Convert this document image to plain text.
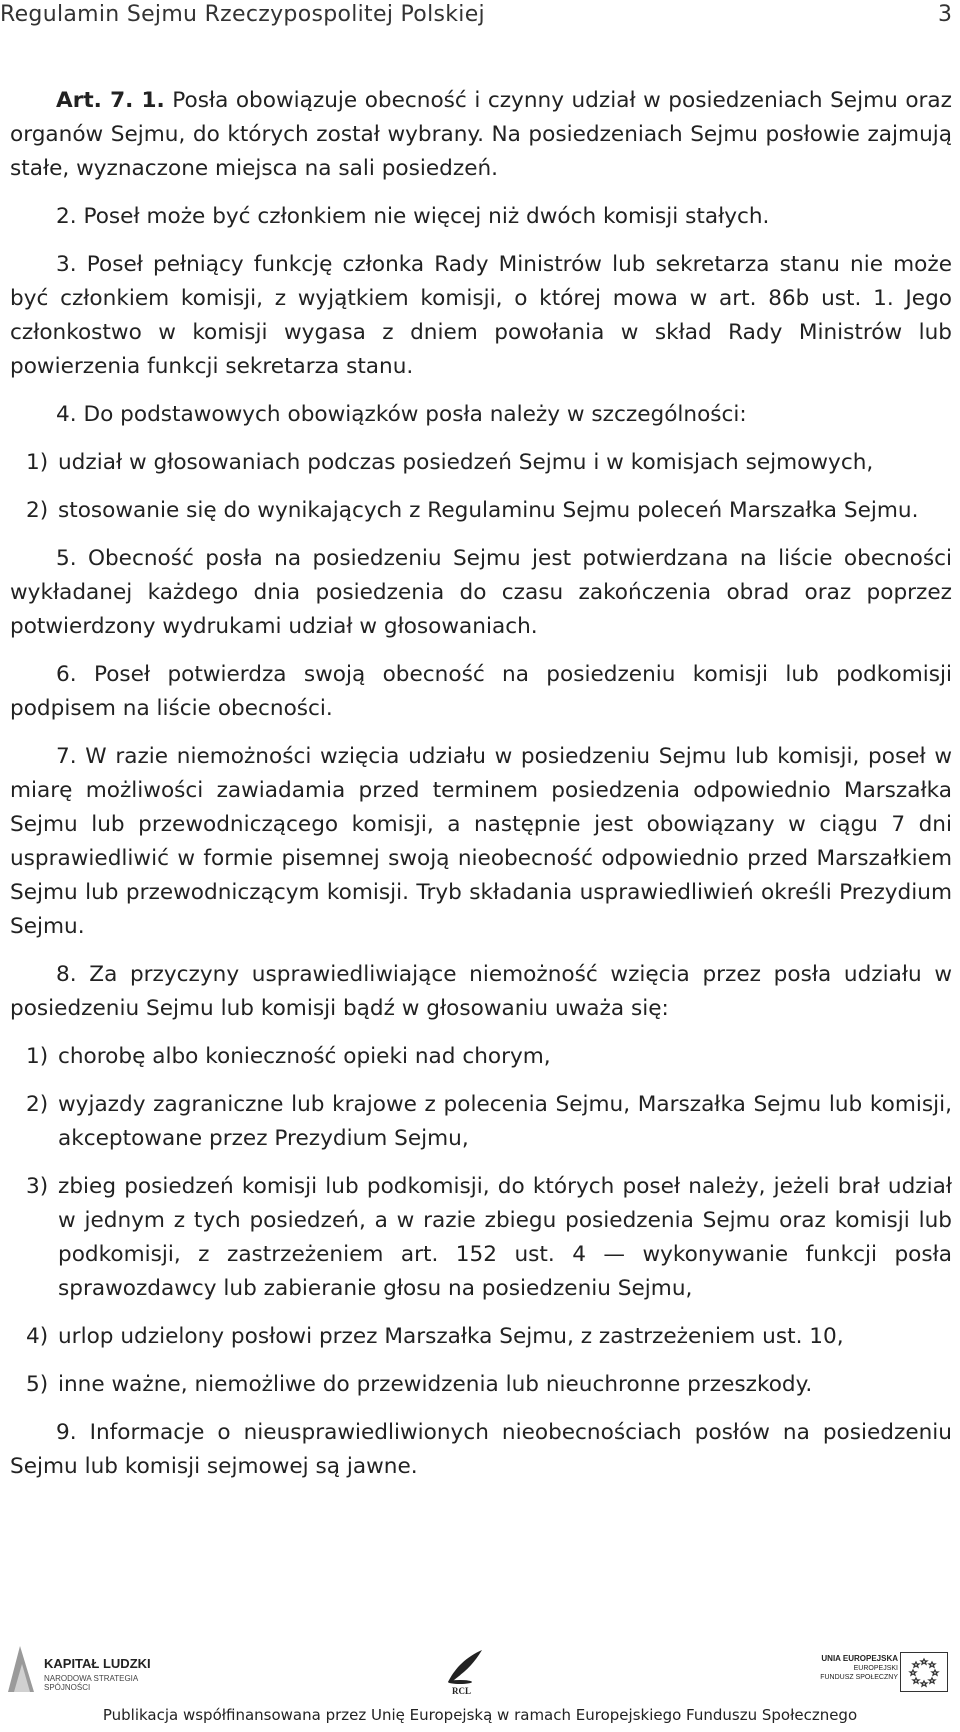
Regulamin Sejmu Rzeczypospolitej Polskiej	3

Art. 7. 1. Posła obowiązuje obecność i czynny udział w posiedzeniach Sejmu oraz organów Sejmu, do których został wybrany. Na posiedzeniach Sejmu posłowie zajmują stałe, wyznaczone miejsca na sali posiedzeń.

2. Poseł może być członkiem nie więcej niż dwóch komisji stałych.

3. Poseł pełniący funkcję członka Rady Ministrów lub sekretarza stanu nie może być członkiem komisji, z wyjątkiem komisji, o której mowa w art. 86b ust. 1. Jego członkostwo w komisji wygasa z dniem powołania w skład Rady Ministrów lub powierzenia funkcji sekretarza stanu.

4. Do podstawowych obowiązków posła należy w szczególności:

1) udział w głosowaniach podczas posiedzeń Sejmu i w komisjach sejmowych,
2) stosowanie się do wynikających z Regulaminu Sejmu poleceń Marszałka Sejmu.

5. Obecność posła na posiedzeniu Sejmu jest potwierdzana na liście obecności wykładanej każdego dnia posiedzenia do czasu zakończenia obrad oraz poprzez potwierdzony wydrukami udział w głosowaniach.

6. Poseł potwierdza swoją obecność na posiedzeniu komisji lub podkomisji podpisem na liście obecności.

7. W razie niemożności wzięcia udziału w posiedzeniu Sejmu lub komisji, poseł w miarę możliwości zawiadamia przed terminem posiedzenia odpowiednio Marszałka Sejmu lub przewodniczącego komisji, a następnie jest obowiązany w ciągu 7 dni usprawiedliwić w formie pisemnej swoją nieobecność odpowiednio przed Marszałkiem Sejmu lub przewodniczącym komisji. Tryb składania usprawiedliwień określi Prezydium Sejmu.

8. Za przyczyny usprawiedliwiające niemożność wzięcia przez posła udziału w posiedzeniu Sejmu lub komisji bądź w głosowaniu uważa się:

1) chorobę albo konieczność opieki nad chorym,
2) wyjazdy zagraniczne lub krajowe z polecenia Sejmu, Marszałka Sejmu lub komisji, akceptowane przez Prezydium Sejmu,
3) zbieg posiedzeń komisji lub podkomisji, do których poseł należy, jeżeli brał udział w jednym z tych posiedzeń, a w razie zbiegu posiedzenia Sejmu oraz komisji lub podkomisji, z zastrzeżeniem art. 152 ust. 4 — wykonywanie funkcji posła sprawozdawcy lub zabieranie głosu na posiedzeniu Sejmu,
4) urlop udzielony posłowi przez Marszałka Sejmu, z zastrzeżeniem ust. 10,
5) inne ważne, niemożliwe do przewidzenia lub nieuchronne przeszkody.

9. Informacje o nieusprawiedliwionych nieobecnościach posłów na posiedzeniu Sejmu lub komisji sejmowej są jawne.

KAPITAŁ LUDZKI
NARODOWA STRATEGIA SPÓJNOŚCI	RCL
UNIA EUROPEJSKA
EUROPEJSKI
FUNDUSZ SPOŁECZNY
Publikacja współfinansowana przez Unię Europejską w ramach Europejskiego Funduszu Społecznego
